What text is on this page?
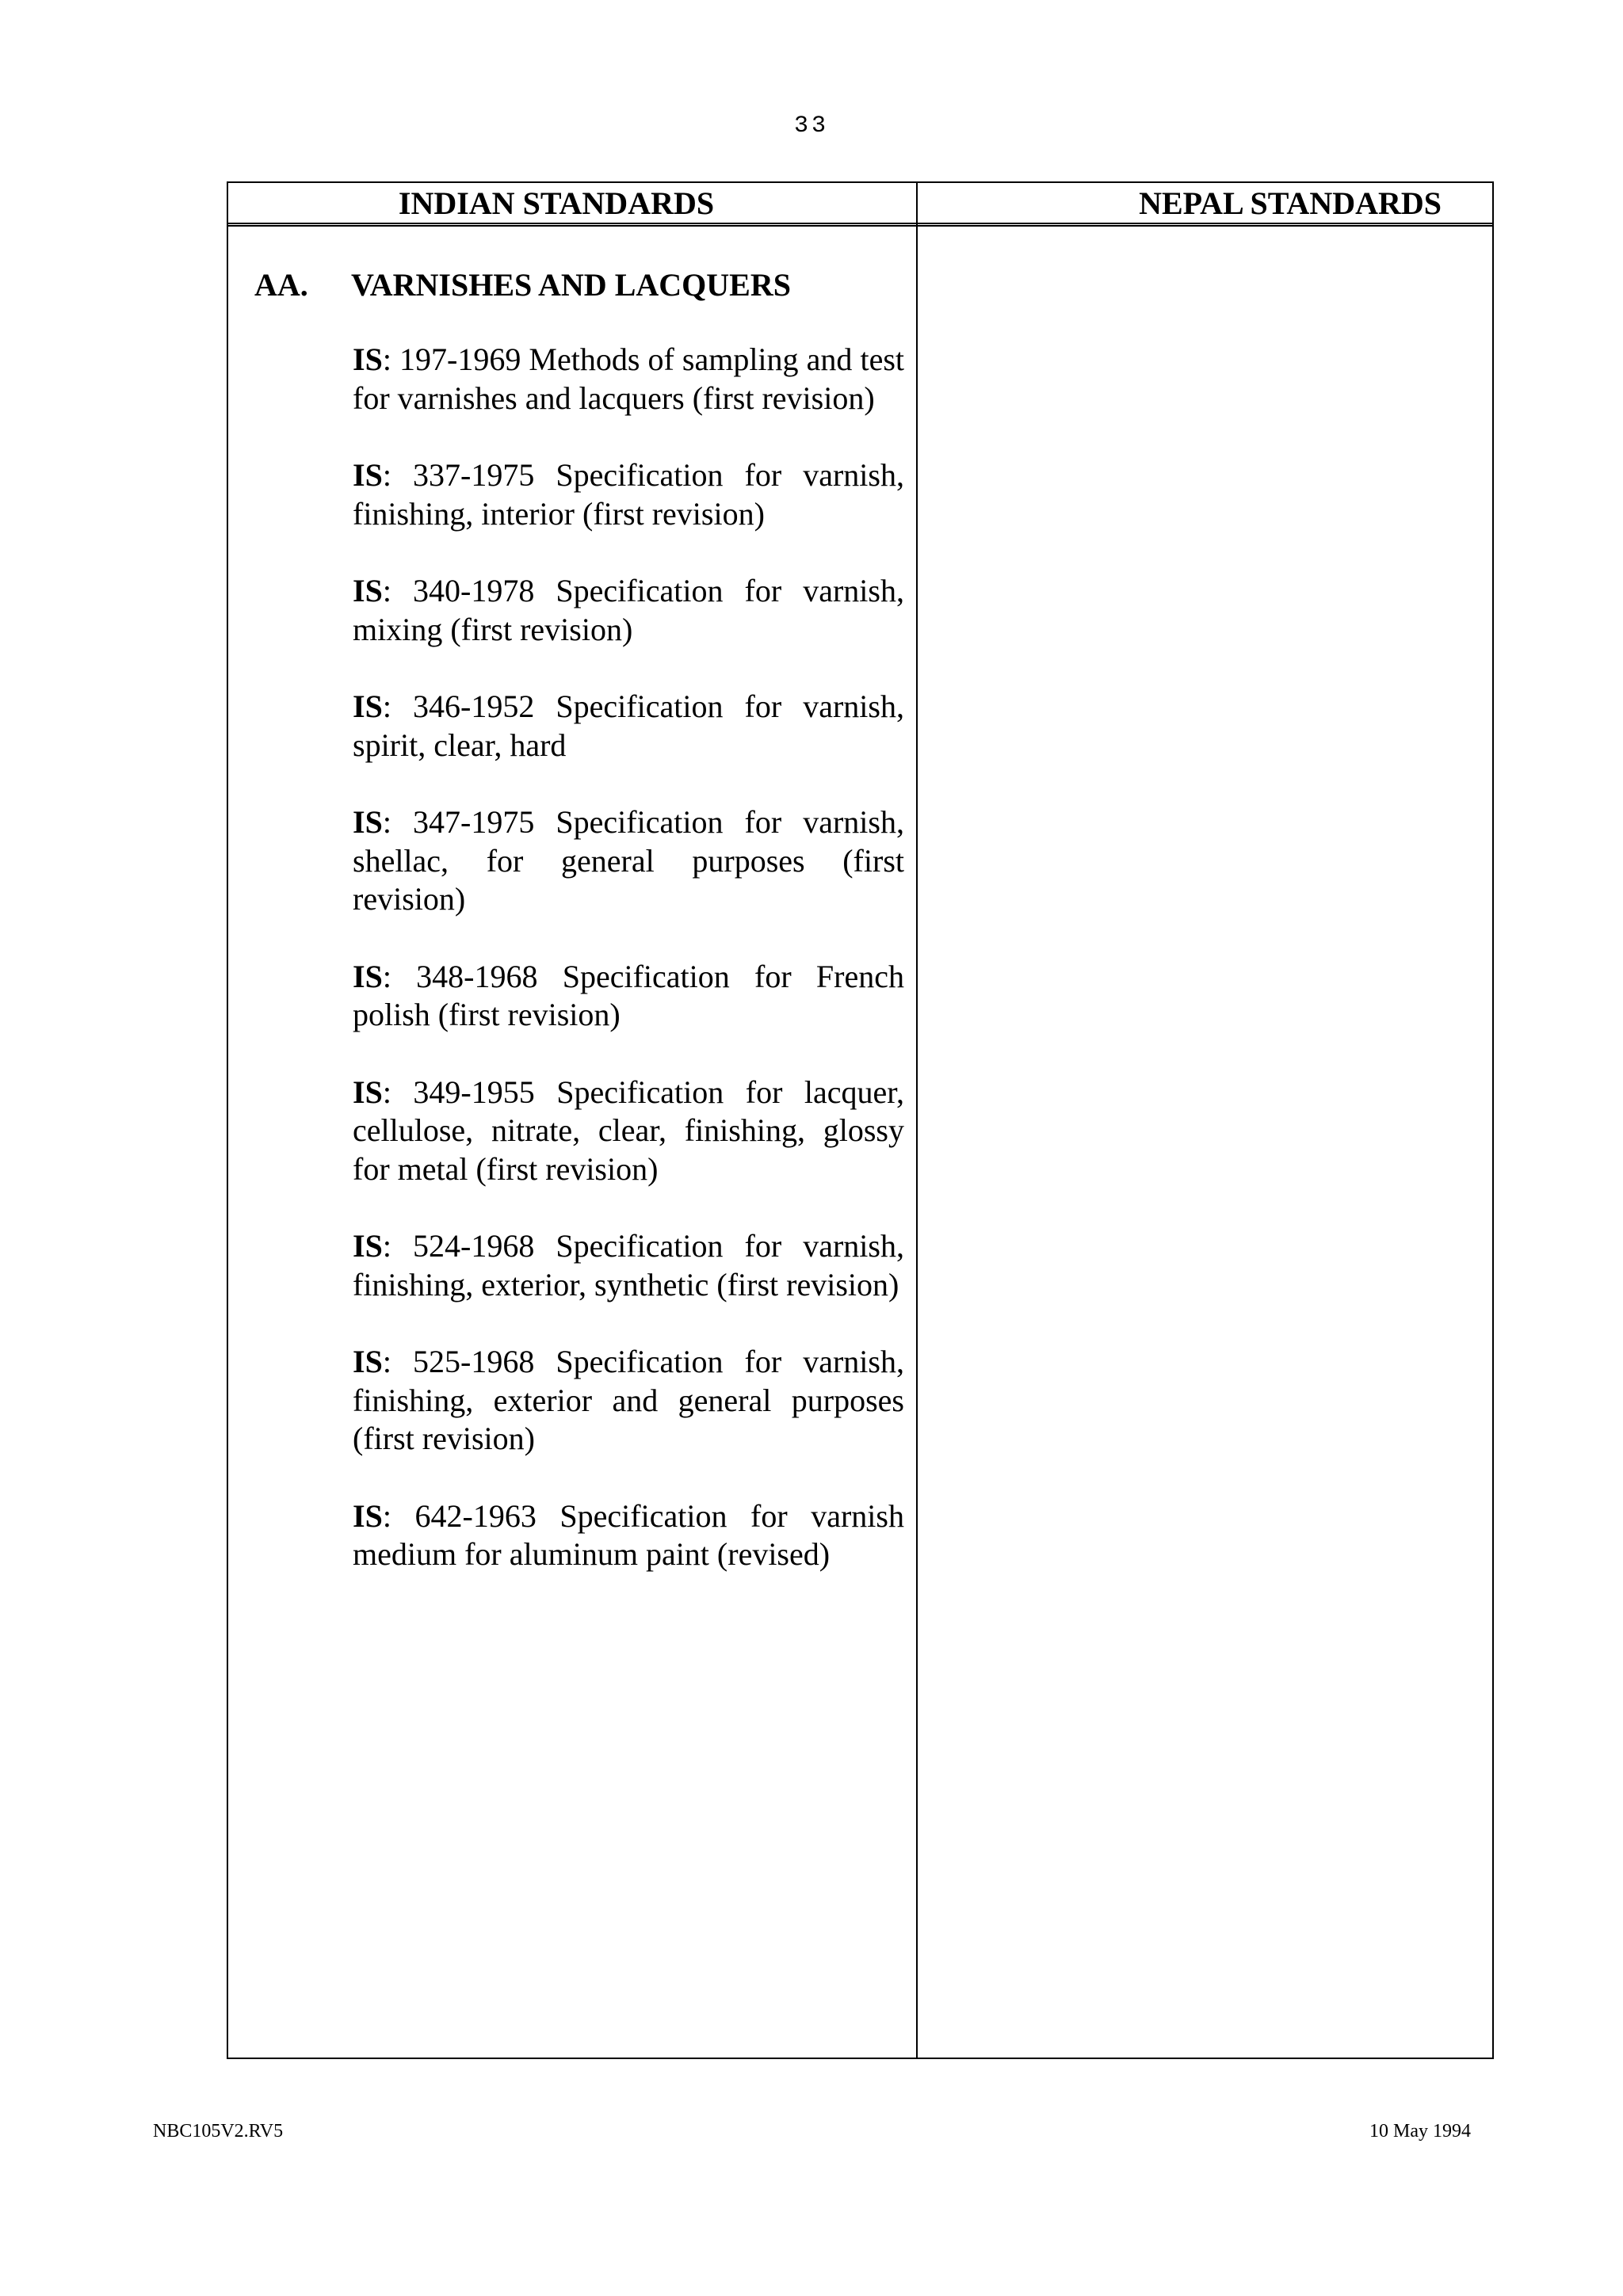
33
INDIAN STANDARDS	NEPAL STANDARDS
AA. VARNISHES AND LACQUERS

IS: 197-1969 Methods of sampling and test for varnishes and lacquers (first revision)

IS: 337-1975 Specification for varnish, finishing, interior (first revision)

IS: 340-1978 Specification for varnish, mixing (first revision)

IS: 346-1952 Specification for varnish, spirit, clear, hard

IS: 347-1975 Specification for varnish, shellac, for general purposes (first revision)

IS: 348-1968 Specification for French polish (first revision)

IS: 349-1955 Specification for lacquer, cellulose, nitrate, clear, finishing, glossy for metal (first revision)

IS: 524-1968 Specification for varnish, finishing, exterior, synthetic (first revision)

IS: 525-1968 Specification for varnish, finishing, exterior and general purposes (first revision)

IS: 642-1963 Specification for varnish medium for aluminum paint (revised)

NBC105V2.RV5	10 May 1994
